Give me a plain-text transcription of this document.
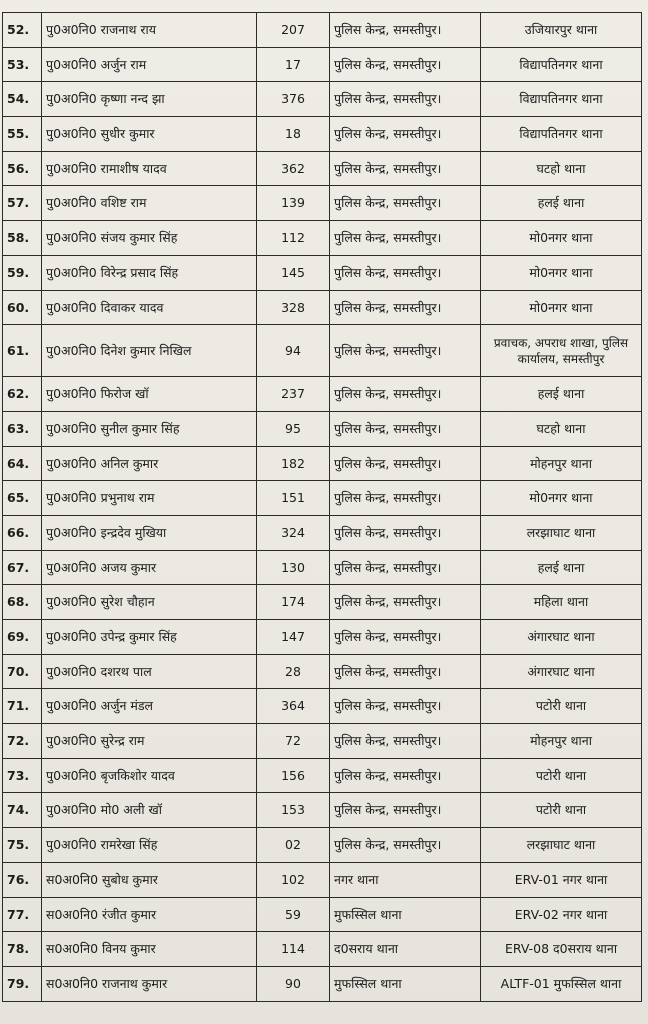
52.	पु0अ0नि0 राजनाथ राय	207	पुलिस केन्द्र, समस्तीपुर।	उजियारपुर थाना
53.	पु0अ0नि0 अर्जुन राम	17	पुलिस केन्द्र, समस्तीपुर।	विद्यापतिनगर थाना
54.	पु0अ0नि0 कृष्णा नन्द झा	376	पुलिस केन्द्र, समस्तीपुर।	विद्यापतिनगर थाना
55.	पु0अ0नि0 सुधीर कुमार	18	पुलिस केन्द्र, समस्तीपुर।	विद्यापतिनगर थाना
56.	पु0अ0नि0 रामाशीष यादव	362	पुलिस केन्द्र, समस्तीपुर।	घटहो थाना
57.	पु0अ0नि0 वशिष्ट राम	139	पुलिस केन्द्र, समस्तीपुर।	हलई थाना
58.	पु0अ0नि0 संजय कुमार सिंह	112	पुलिस केन्द्र, समस्तीपुर।	मो0नगर थाना
59.	पु0अ0नि0 विरेन्द्र प्रसाद सिंह	145	पुलिस केन्द्र, समस्तीपुर।	मो0नगर थाना
60.	पु0अ0नि0 दिवाकर यादव	328	पुलिस केन्द्र, समस्तीपुर।	मो0नगर थाना
61.	पु0अ0नि0 दिनेश कुमार निखिल	94	पुलिस केन्द्र, समस्तीपुर।	प्रवाचक, अपराध शाखा, पुलिस कार्यालय, समस्तीपुर
62.	पु0अ0नि0 फिरोज खॉ	237	पुलिस केन्द्र, समस्तीपुर।	हलई थाना
63.	पु0अ0नि0 सुनील कुमार सिंह	95	पुलिस केन्द्र, समस्तीपुर।	घटहो थाना
64.	पु0अ0नि0 अनिल कुमार	182	पुलिस केन्द्र, समस्तीपुर।	मोहनपुर थाना
65.	पु0अ0नि0 प्रभुनाथ राम	151	पुलिस केन्द्र, समस्तीपुर।	मो0नगर थाना
66.	पु0अ0नि0 इन्द्रदेव मुखिया	324	पुलिस केन्द्र, समस्तीपुर।	लरझाघाट थाना
67.	पु0अ0नि0 अजय कुमार	130	पुलिस केन्द्र, समस्तीपुर।	हलई थाना
68.	पु0अ0नि0 सुरेश चौहान	174	पुलिस केन्द्र, समस्तीपुर।	महिला थाना
69.	पु0अ0नि0 उपेन्द्र कुमार सिंह	147	पुलिस केन्द्र, समस्तीपुर।	अंगारघाट थाना
70.	पु0अ0नि0 दशरथ पाल	28	पुलिस केन्द्र, समस्तीपुर।	अंगारघाट थाना
71.	पु0अ0नि0 अर्जुन मंडल	364	पुलिस केन्द्र, समस्तीपुर।	पटोरी थाना
72.	पु0अ0नि0 सुरेन्द्र राम	72	पुलिस केन्द्र, समस्तीपुर।	मोहनपुर थाना
73.	पु0अ0नि0 बृजकिशोर यादव	156	पुलिस केन्द्र, समस्तीपुर।	पटोरी थाना
74.	पु0अ0नि0 मो0 अली खॉ	153	पुलिस केन्द्र, समस्तीपुर।	पटोरी थाना
75.	पु0अ0नि0 रामरेखा सिंह	02	पुलिस केन्द्र, समस्तीपुर।	लरझाघाट थाना
76.	स0अ0नि0 सुबोध कुमार	102	नगर थाना	ERV-01 नगर थाना
77.	स0अ0नि0 रंजीत कुमार	59	मुफस्सिल थाना	ERV-02 नगर थाना
78.	स0अ0नि0 विनय कुमार	114	द0सराय थाना	ERV-08 द0सराय थाना
79.	स0अ0नि0 राजनाथ कुमार	90	मुफस्सिल थाना	ALTF-01 मुफस्सिल थाना
